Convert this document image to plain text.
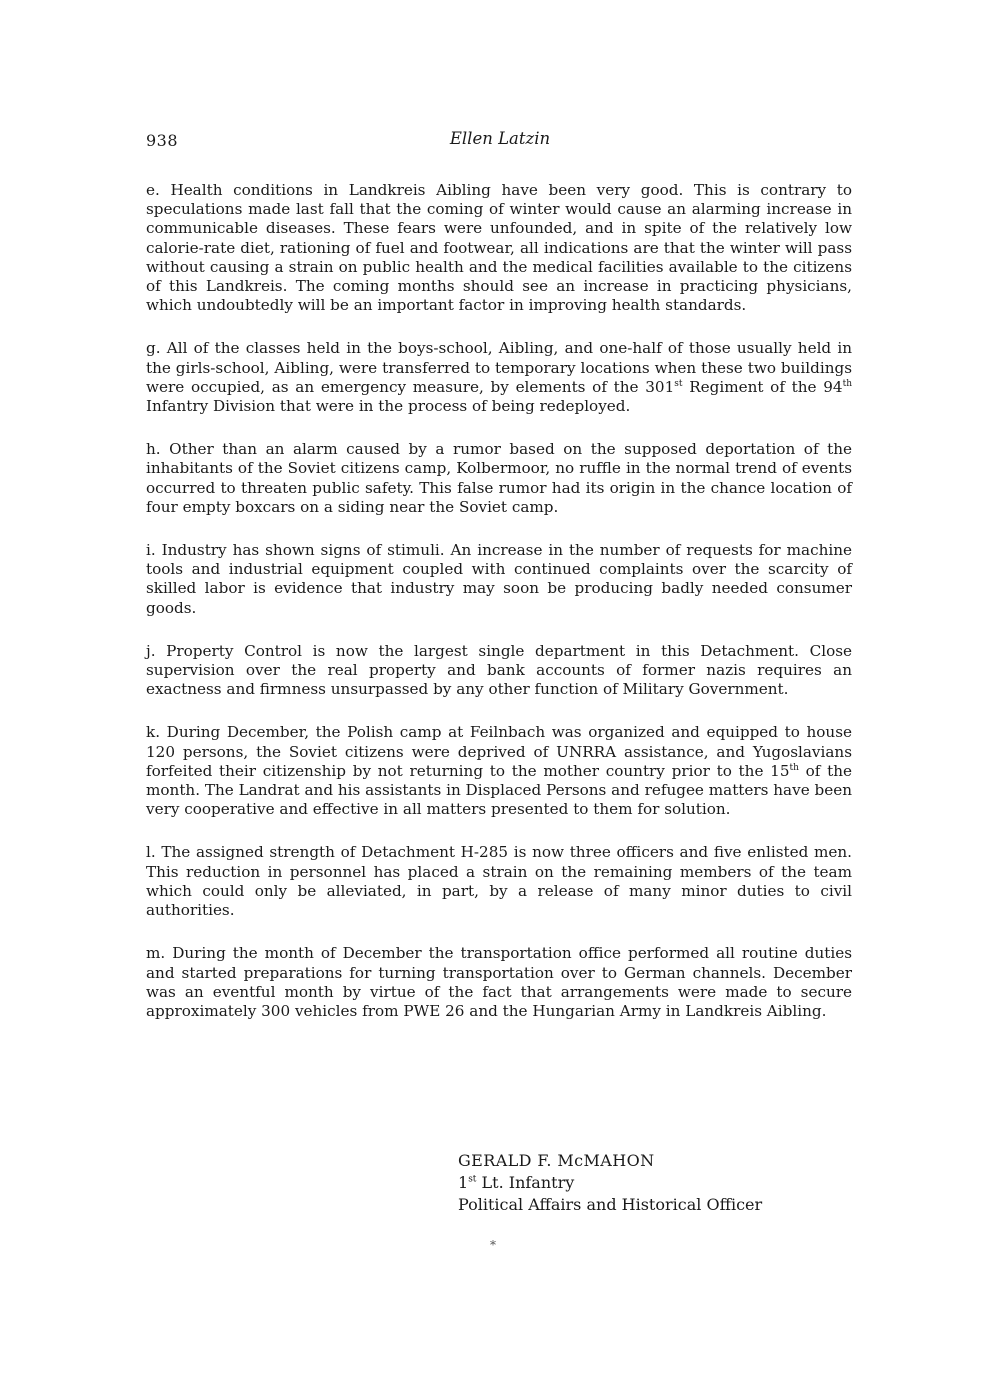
938	Ellen Latzin

e. Health conditions in Landkreis Aibling have been very good. This is contrary to speculations made last fall that the coming of winter would cause an alarming increase in communicable diseases. These fears were unfounded, and in spite of the relatively low calorie-rate diet, rationing of fuel and footwear, all indications are that the winter will pass without causing a strain on public health and the medical facilities available to the citizens of this Landkreis. The coming months should see an increase in practicing physicians, which undoubtedly will be an important factor in improving health standards.

g. All of the classes held in the boys-school, Aibling, and one-half of those usually held in the girls-school, Aibling, were transferred to temporary locations when these two buildings were occupied, as an emergency measure, by elements of the 301st Regiment of the 94th Infantry Division that were in the process of being redeployed.

h. Other than an alarm caused by a rumor based on the supposed deportation of the inhabitants of the Soviet citizens camp, Kolbermoor, no ruffle in the normal trend of events occurred to threaten public safety. This false rumor had its origin in the chance location of four empty boxcars on a siding near the Soviet camp.

i. Industry has shown signs of stimuli. An increase in the number of requests for machine tools and industrial equipment coupled with continued complaints over the scarcity of skilled labor is evidence that industry may soon be producing badly needed consumer goods.

j. Property Control is now the largest single department in this Detachment. Close supervision over the real property and bank accounts of former nazis requires an exactness and firmness unsurpassed by any other function of Military Government.

k. During December, the Polish camp at Feilnbach was organized and equipped to house 120 persons, the Soviet citizens were deprived of UNRRA assistance, and Yugoslavians forfeited their citizenship by not returning to the mother country prior to the 15th of the month. The Landrat and his assistants in Displaced Persons and refugee matters have been very cooperative and effective in all matters presented to them for solution.

l. The assigned strength of Detachment H-285 is now three officers and five enlisted men. This reduction in personnel has placed a strain on the remaining members of the team which could only be alleviated, in part, by a release of many minor duties to civil authorities.

m. During the month of December the transportation office performed all routine duties and started preparations for turning transportation over to German channels. December was an eventful month by virtue of the fact that arrangements were made to secure approximately 300 vehicles from PWE 26 and the Hungarian Army in Landkreis Aibling.

GERALD F. McMAHON
1st Lt. Infantry
Political Affairs and Historical Officer
*
